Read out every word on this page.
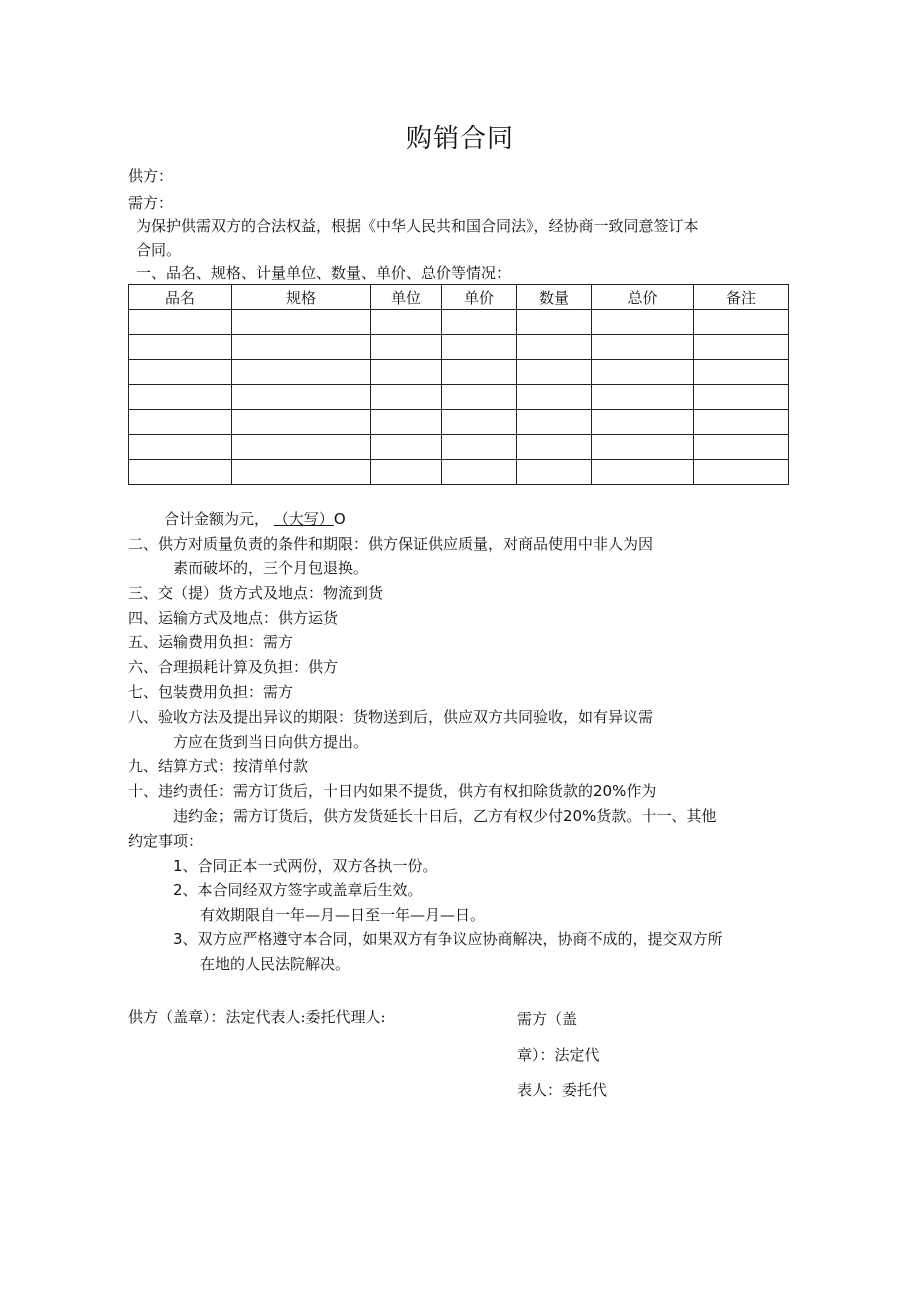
购销合同
供方：
需方：
为保护供需双方的合法权益，根据《中华人民共和国合同法》，经协商一致同意签订本
合同。
一、品名、规格、计量单位、数量、单价、总价等情况：
品名	规格	单位	单价	数量	总价	备注

合计金额为元， （大写）O
二、供方对质量负责的条件和期限：供方保证供应质量，对商品使用中非人为因
素而破坏的，三个月包退换。
三、交（提）货方式及地点：物流到货
四、运输方式及地点：供方运货
五、运输费用负担：需方
六、合理损耗计算及负担：供方
七、包装费用负担：需方
八、验收方法及提出异议的期限：货物送到后，供应双方共同验收，如有异议需
方应在货到当日向供方提出。
九、结算方式：按清单付款
十、违约责任：需方订货后，十日内如果不提货，供方有权扣除货款的20%作为
违约金；需方订货后，供方发货延长十日后，乙方有权少付20%货款。十一、其他
约定事项：
1、合同正本一式两份，双方各执一份。
2、本合同经双方签字或盖章后生效。
有效期限自一年—月—日至一年—月—日。
3、双方应严格遵守本合同，如果双方有争议应协商解决，协商不成的，提交双方所
在地的人民法院解决。
供方（盖章）：法定代表人:委托代理人:	需方（盖
章）：法定代
表人：委托代
